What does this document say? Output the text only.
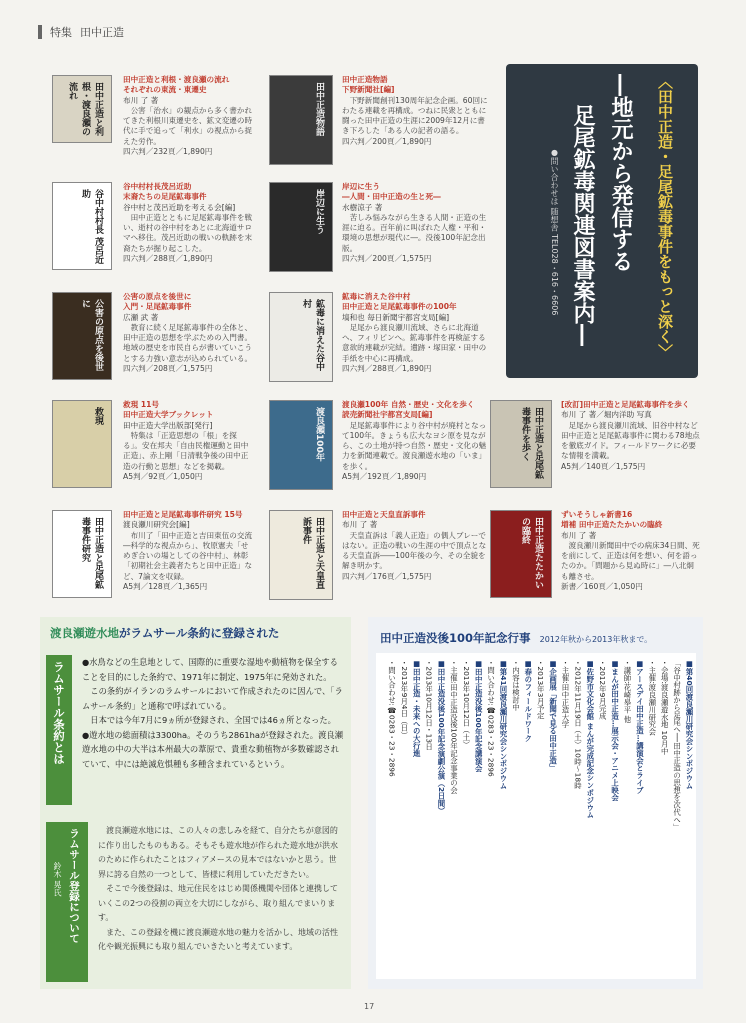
特集 田中正造
田中正造と利根・渡良瀬の流れ
田中正造と利根・渡良瀬の流れ
それぞれの東流・東遷史
布川 了 著
公害「治水」の観点から多く書かれてきた利根川東遷史を、鉱文変遷の時代に手で追って「利水」の視点から捉えた労作。
四六判／232頁／1,890円
田中正造物語
田中正造物語
下野新聞社[編]
下野新聞創刊130周年記念企画。60回にわたる連載を再構成。つねに民衆とともに闘った田中正造の生涯に2009年12月に書き下ろした「ある人の記者の語る。
四六判／200頁／1,890円
谷中村村長 茂呂近助
谷中村村長茂呂近助
末裔たちの足尾鉱毒事件
谷中村と茂呂近助を考える会[編]
田中正造とともに足尾鉱毒事件を戦い、逝村の谷中村をあとに北海道サロマへ移住。茂呂近助の戦いの軌跡を末裔たちが掘り起こした。
四六判／288頁／1,890円
岸辺に生う
岸辺に生う
―人間・田中正造の生と死―
水樹涼子 著
苦しみ悩みながら生きる人間・正造の生涯に迫る。百年前に叫ばれた人権・平和・環境の思想が現代に―。没後100年記念出版。
四六判／200頁／1,575円
公害の原点を後世に
公害の原点を後世に
入門・足尾鉱毒事件
広瀬 武 著
教育に続く足尾鉱毒事件の全体と、田中正造の思想を学ぶための入門書。地域の歴史を市民自らが書いていこうとする力強い意志が込められている。
四六判／208頁／1,575円	鉱毒に消えた谷中村
鉱毒に消えた谷中村
田中正造と足尾鉱毒事件の100年
塙和也 毎日新聞宇都宮支局[編]
足尾から渡良瀬川流域、さらに北海道へ、フィリピンへ。鉱毒事件を再検証する意欲的連載が完結。遺跡・塚田家・田中の手紙を中心に再構成。
四六判／288頁／1,890円
救現
救現 11号
田中正造大学ブックレット
田中正造大学出版部[発行]
特集は「正造思想の「根」を探る」。安在邦夫「自由民権運動と田中正造」、赤上剛「日清戦争後の田中正造の行動と思想」などを掲載。
A5判／92頁／1,050円
渡良瀬100年
渡良瀬100年 自然・歴史・文化を歩く
読売新聞社宇都宮支局[編]
足尾鉱毒事件により谷中村が廃村となって100年。きょうも広大なヨシ原を見ながら、この土地が持つ自然・歴史・文化の魅力を新聞連載で。渡良瀬遊水地の「いま」を歩く。
A5判／192頁／1,890円	田中正造と足尾鉱毒事件を歩く
[改訂]田中正造と足尾鉱毒事件を歩く
布川 了 著／堀内洋助 写真
足尾から渡良瀬川流域、旧谷中村など田中正造と足尾鉱毒事件に関わる78地点を徹底ガイド。フィールドワークに必要な情報を満載。
A5判／140頁／1,575円
田中正造と足尾鉱毒事件研究
田中正造と足尾鉱毒事件研究 15号
渡良瀬川研究会[編]
布川了「田中正造と吉田東伍の交流―科学的な視点から」、牧原憲夫「せめぎ合いの場としての谷中村」、林彰「初期社会主義者たちと田中正造」など、7論文を収録。
A5判／128頁／1,365円	田中正造と天皇直訴事件
田中正造と天皇直訴事件
布川 了 著
天皇直訴は「義人正造」の偶人ブレーではない。正造の戦いの生涯の中で頂点となる天皇直訴――100年後の今、その全貌を解き明かす。
四六判／176頁／1,575円	田中正造たたかいの臨終
ずいそうしゃ新書16
増補 田中正造たたかいの臨終
布川 了 著
渡良瀬川新聞田中での病床34日間、死を前にして、正造は何を想い、何を語ったのか。「問題から見ぬ時に」―八北炯も離させ。
新書／160頁／1,050円
〈田中正造・足尾鉱毒事件をもっと深く〉
―地元から発信する
足尾鉱毒関連図書案内―
●問い合わせは 随想舎 TEL028・616・6606
渡良瀬遊水地がラムサール条約に登録された
ラムサール条約とは
ラムサール登録について
鈴木 晃氏

●水鳥などの生息地として、国際的に重要な湿地や動植物を保全することを目的にした条約で、1971年に制定、1975年に発効された。

この条約がイランのラムサールにおいて作成されたのに因んで、「ラムサール条約」と通称で呼ばれている。

日本では今年7月に9ヵ所が登録され、全国では46ヵ所となった。

●遊水地の総面積は3300ha。そのうち2861haが登録された。渡良瀬遊水地の中の大半は本州最大の葦原で、貴重な動植物が多数確認されていて、中には絶滅危惧種も多種含まれているという。

渡良瀬遊水地には、この人々の悲しみを経て、自分たちが意図的に作り出したものもある。そもそも遊水地が作られた遊水地が洪水のために作られたことはフィアメースの見本ではないかと思う。世界に誇る自然の一つとして、皆様に利用していただきたい。

そこで今後登録は、地元住民をはじめ関係機関や団体と連携していくこの2つの役割の両立を大切にしながら、取り組んでまいります。

また、この登録を機に渡良瀬遊水地の魅力を活かし、地域の活性化や観光振興にも取り組んでいきたいと考えています。

田中正造没後100年記念行事 2012年秋から2013年秋まで。
■第40回渡良瀬川研究会シンポジウム
「谷中村跡から足尾へ──田中正造の思想を次代へ」
・会場:渡良瀬遊水地 10月中
・主催:渡良瀬川研究会
■アースデイ田中正造…講演会とライブ
・講師:花崎皋平 他
■まんが田中正造…展示会・アニメ上映会
・2012年9月完成
■佐野市文化会館 まんが完成記念シンポジウム
・2012年11月19日（土）10時〜18時
・主催:田中正造大学
■企画展「新聞で見る田中正造」
・2013年3月予定
■春のフィールドワーク
・内容は検討中
■第41回渡良瀬川研究会シンポジウム
・問い合わせ:☎0283・23・2896
■田中正造没後100年記念講演会
・2013年10月12日（土）
・主催:田中正造没後100年記念事業の会
■田中正造没後100年記念演劇公演（2日間）
・2013年10月12日・13日
■田中正造・未来への大行進
・2013年9月4日（日）
・問い合わせ:☎0283・23・2896
17
